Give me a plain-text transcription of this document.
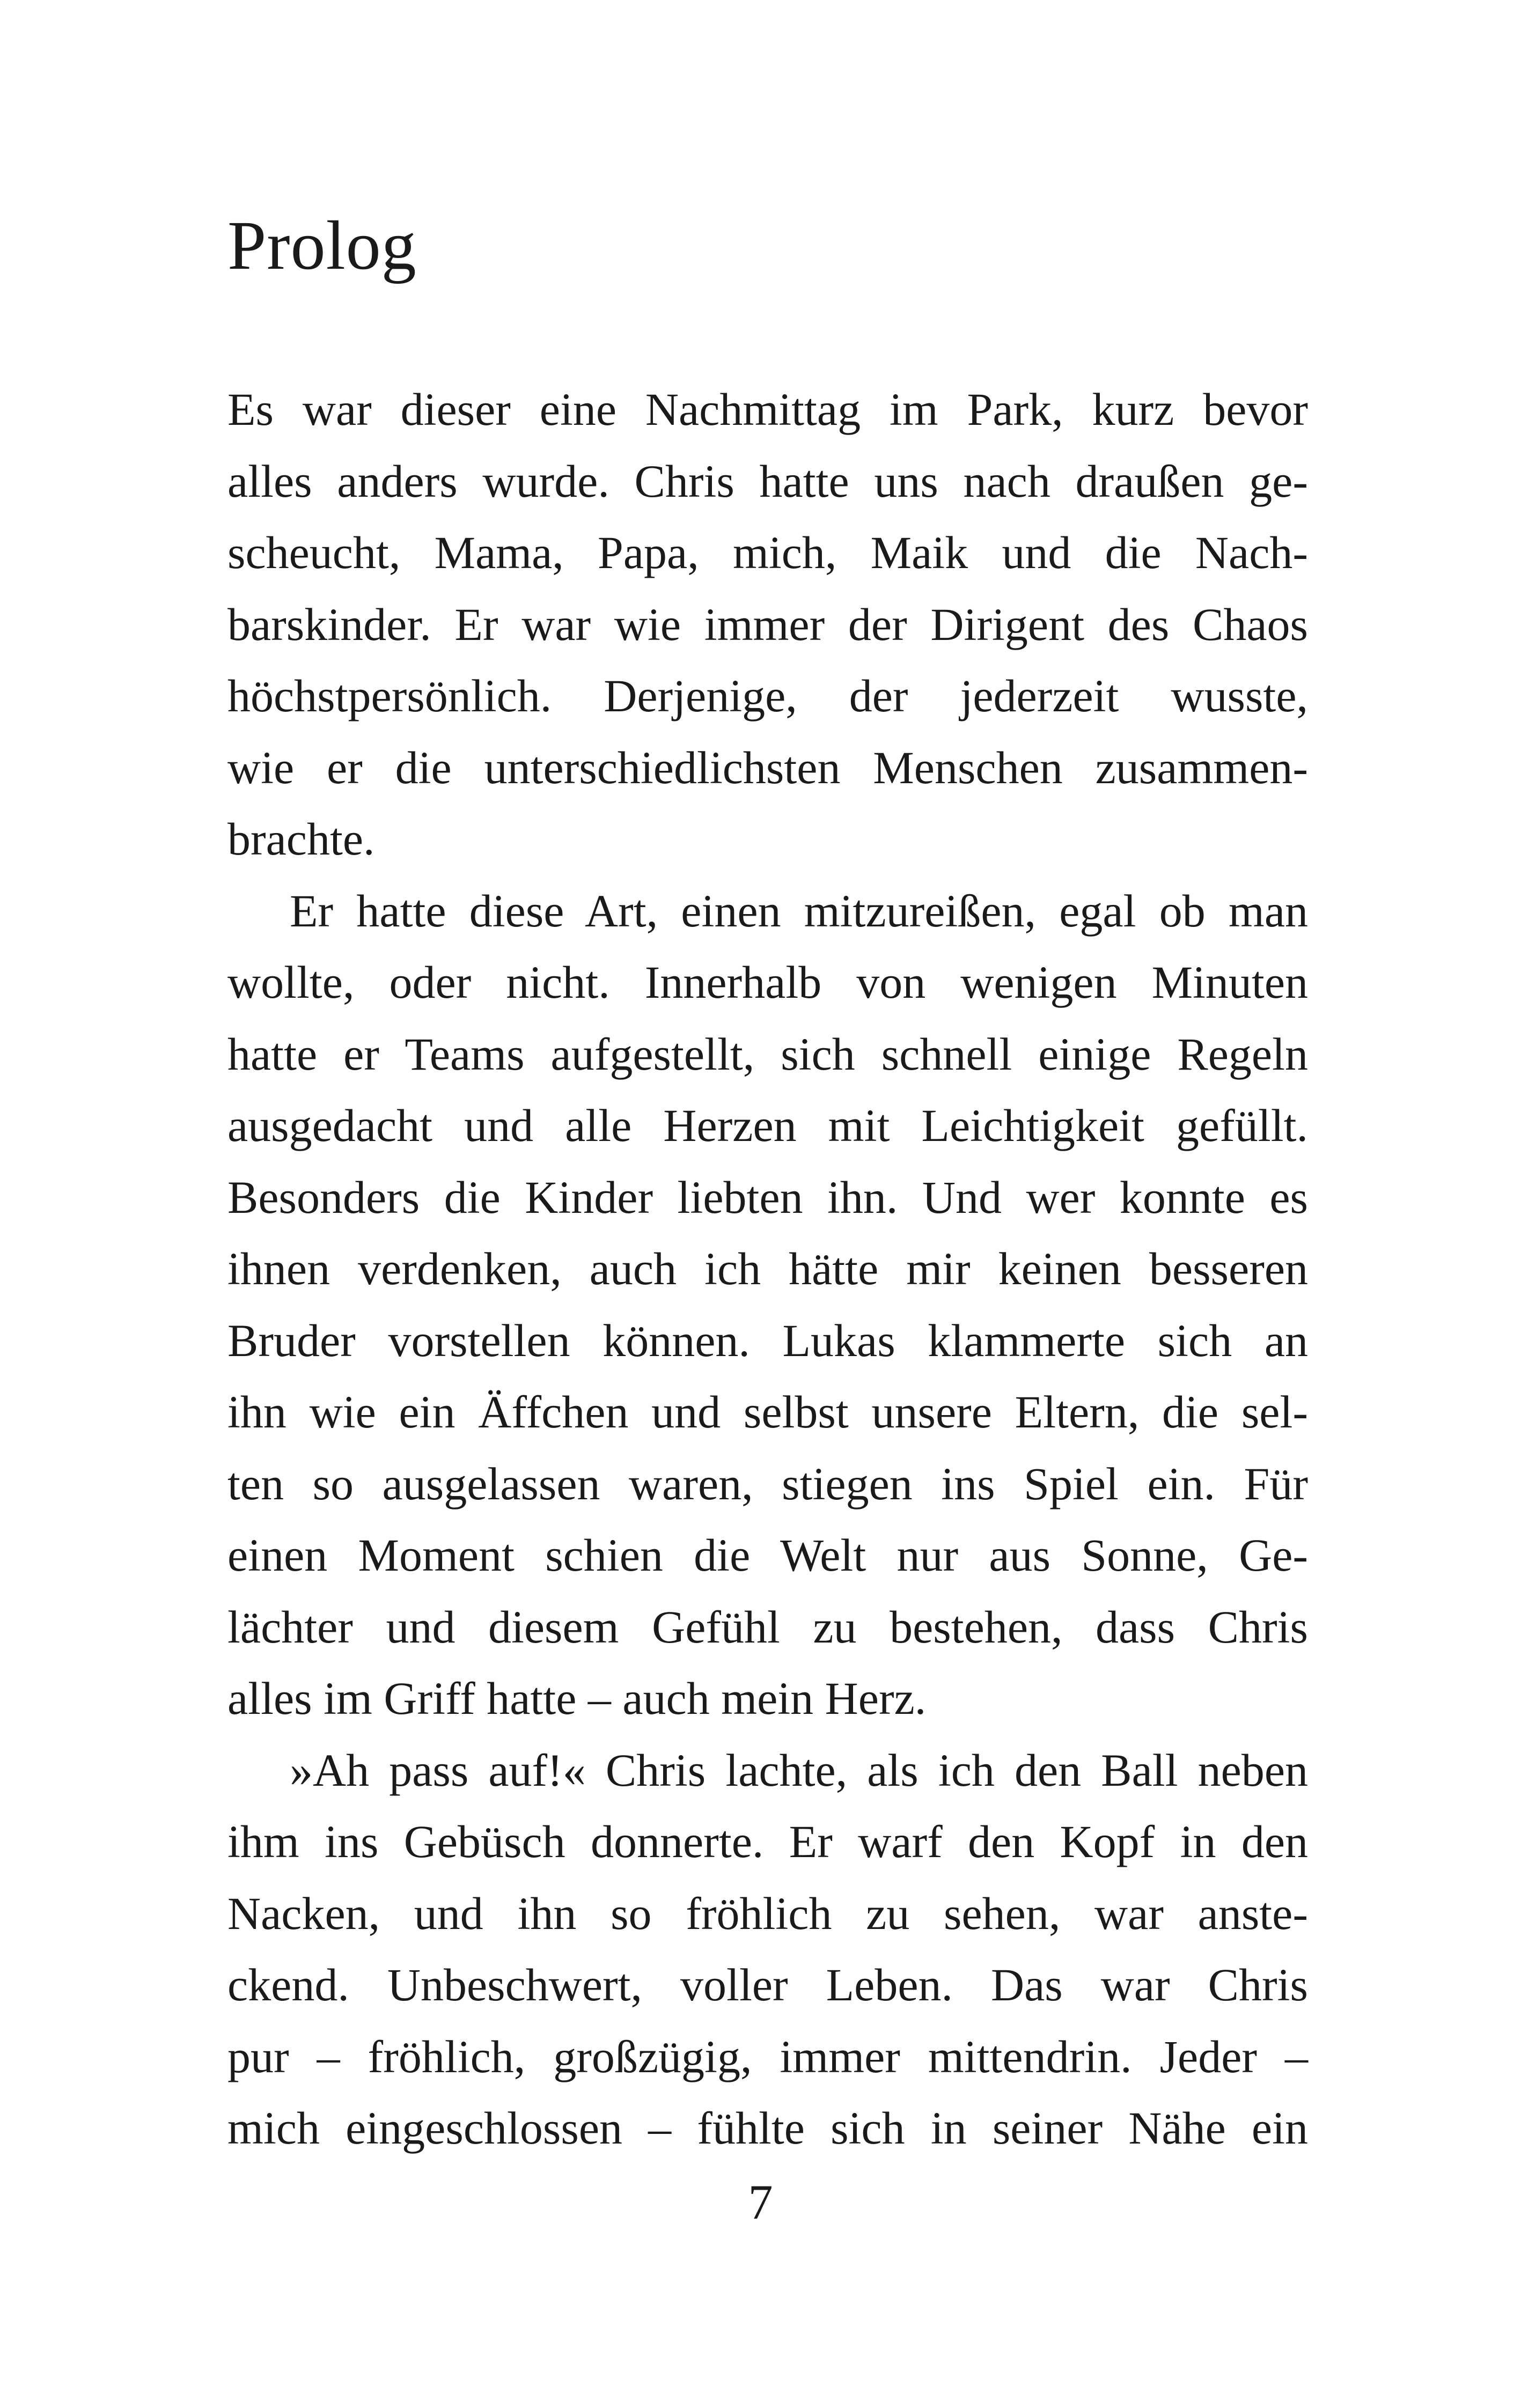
Prolog
Es war dieser eine Nachmittag im Park, kurz bevor
alles anders wurde. Chris hatte uns nach draußen ge-
scheucht, Mama, Papa, mich, Maik und die Nach-
barskinder. Er war wie immer der Dirigent des Chaos
höchstpersönlich. Derjenige, der jederzeit wusste,
wie er die unterschiedlichsten Menschen zusammen-
brachte.
Er hatte diese Art, einen mitzureißen, egal ob man
wollte, oder nicht. Innerhalb von wenigen Minuten
hatte er Teams aufgestellt, sich schnell einige Regeln
ausgedacht und alle Herzen mit Leichtigkeit gefüllt.
Besonders die Kinder liebten ihn. Und wer konnte es
ihnen verdenken, auch ich hätte mir keinen besseren
Bruder vorstellen können. Lukas klammerte sich an
ihn wie ein Äffchen und selbst unsere Eltern, die sel-
ten so ausgelassen waren, stiegen ins Spiel ein. Für
einen Moment schien die Welt nur aus Sonne, Ge-
lächter und diesem Gefühl zu bestehen, dass Chris
alles im Griff hatte – auch mein Herz.
»Ah pass auf!« Chris lachte, als ich den Ball neben
ihm ins Gebüsch donnerte. Er warf den Kopf in den
Nacken, und ihn so fröhlich zu sehen, war anste-
ckend. Unbeschwert, voller Leben. Das war Chris
pur – fröhlich, großzügig, immer mittendrin. Jeder –
mich eingeschlossen – fühlte sich in seiner Nähe ein
7
